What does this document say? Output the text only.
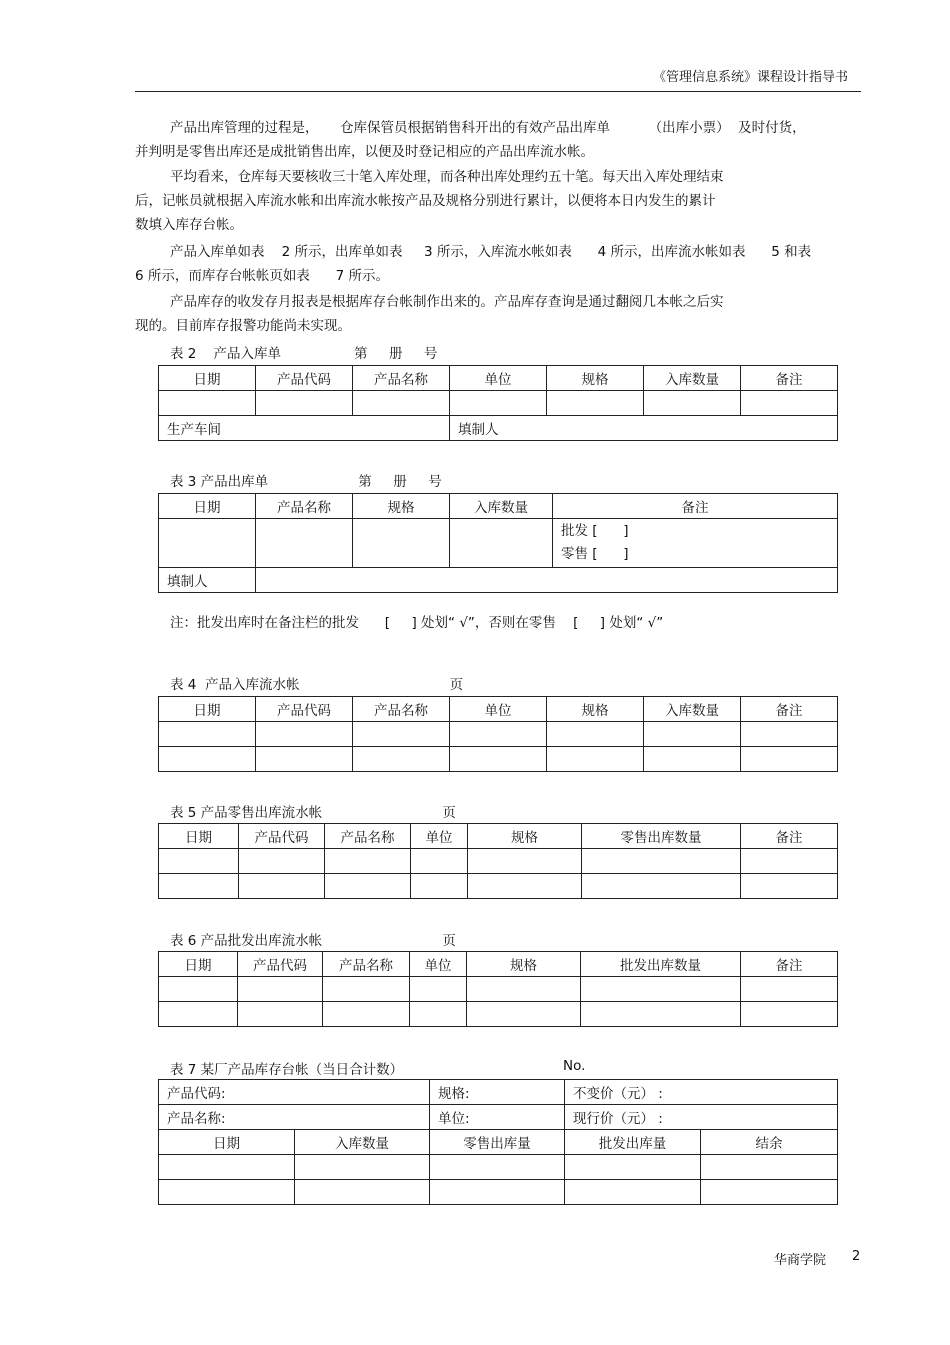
《管理信息系统》课程设计指导书
产品出库管理的过程是，     仓库保管员根据销售科开出的有效产品出库单         （出库小票）  及时付货，
并判明是零售出库还是成批销售出库，以便及时登记相应的产品出库流水帐。
平均看来，仓库每天要核收三十笔入库处理，而各种出库处理约五十笔。每天出入库处理结束
后，记帐员就根据入库流水帐和出库流水帐按产品及规格分别进行累计，以便将本日内发生的累计
数填入库存台帐。
产品入库单如表    2 所示，出库单如表     3 所示，入库流水帐如表      4 所示，出库流水帐如表      5 和表
6 所示，而库存台帐帐页如表      7 所示。
产品库存的收发存月报表是根据库存台帐制作出来的。产品库存查询是通过翻阅几本帐之后实
现的。目前库存报警功能尚未实现。
表 2    产品入库单                 第     册     号
日期	产品代码	产品名称	单位	规格	入库数量	备注

生产车间			填制人			
表 3 产品出库单                     第     册     号
日期	产品名称	规格	入库数量	备注

				批发 [      ]
零售 [      ]

填制人				
注：批发出库时在备注栏的批发      [     ] 处划“ √”，否则在零售    [     ] 处划“ √”
表 4  产品入库流水帐                                   页
日期	产品代码	产品名称	单位	规格	入库数量	备注

表 5 产品零售出库流水帐                            页
日期	产品代码	产品名称	单位	规格	零售出库数量	备注

表 6 产品批发出库流水帐                            页
日期	产品代码	产品名称	单位	规格	批发出库数量	备注

表 7 某厂产品库存台帐（当日合计数）	No.
产品代码:		规格:	不变价（元） :	
产品名称:		单位:	现行价（元） :	
日期	入库数量	零售出库量	批发出库量	结余

华商学院 2
